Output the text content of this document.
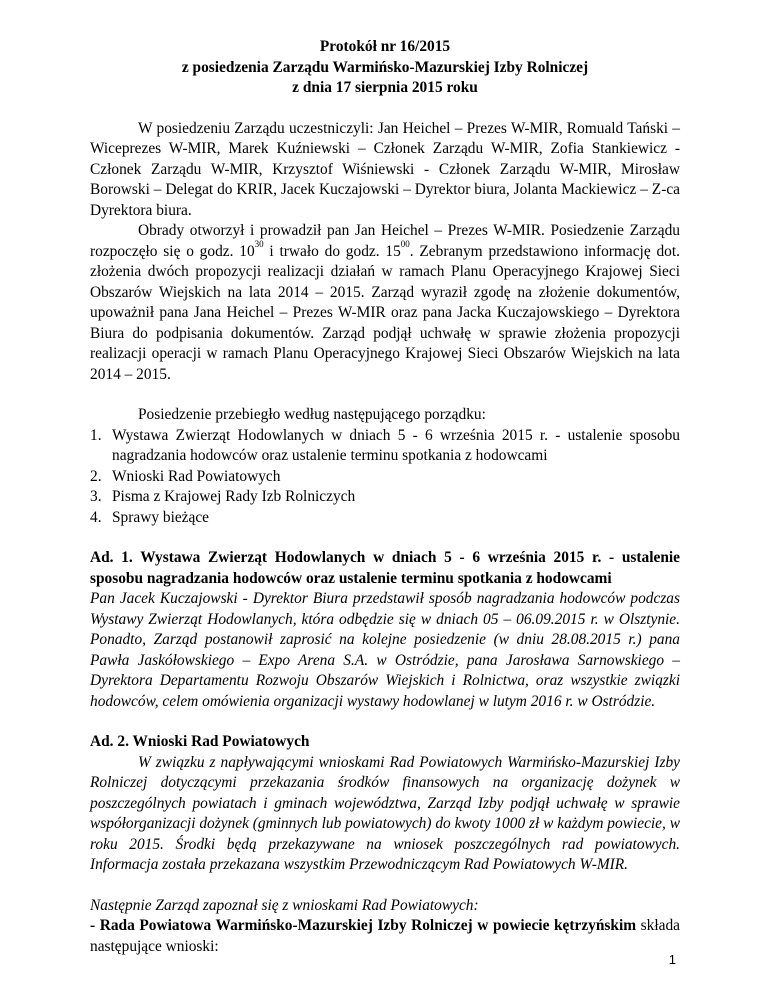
Protokół nr 16/2015
z posiedzenia Zarządu Warmińsko-Mazurskiej Izby Rolniczej
z dnia 17 sierpnia 2015 roku

W posiedzeniu Zarządu uczestniczyli: Jan Heichel – Prezes W-MIR, Romuald Tański – Wiceprezes W-MIR, Marek Kuźniewski – Członek Zarządu W-MIR, Zofia Stankiewicz - Członek Zarządu W-MIR, Krzysztof Wiśniewski - Członek Zarządu W-MIR, Mirosław Borowski – Delegat do KRIR, Jacek Kuczajowski – Dyrektor biura, Jolanta Mackiewicz – Z-ca Dyrektora biura.

Obrady otworzył i prowadził pan Jan Heichel – Prezes W-MIR. Posiedzenie Zarządu rozpoczęło się o godz. $10^{30}$ i trwało do godz. $15^{00}$. Zebranym przedstawiono informację dot. złożenia dwóch propozycji realizacji działań w ramach Planu Operacyjnego Krajowej Sieci Obszarów Wiejskich na lata 2014 – 2015. Zarząd wyraził zgodę na złożenie dokumentów, upoważnił pana Jana Heichel – Prezes W-MIR oraz pana Jacka Kuczajowskiego – Dyrektora Biura do podpisania dokumentów. Zarząd podjął uchwałę w sprawie złożenia propozycji realizacji operacji w ramach Planu Operacyjnego Krajowej Sieci Obszarów Wiejskich na lata 2014 – 2015.

Posiedzenie przebiegło według następującego porządku:

1. Wystawa Zwierząt Hodowlanych w dniach 5 - 6 września 2015 r. - ustalenie sposobu nagradzania hodowców oraz ustalenie terminu spotkania z hodowcami
2. Wnioski Rad Powiatowych
3. Pisma z Krajowej Rady Izb Rolniczych
4. Sprawy bieżące

Ad. 1. Wystawa Zwierząt Hodowlanych w dniach 5 - 6 września 2015 r. - ustalenie sposobu nagradzania hodowców oraz ustalenie terminu spotkania z hodowcami

Pan Jacek Kuczajowski - Dyrektor Biura przedstawił sposób nagradzania hodowców podczas Wystawy Zwierząt Hodowlanych, która odbędzie się w dniach 05 – 06.09.2015 r. w Olsztynie. Ponadto, Zarząd postanowił zaprosić na kolejne posiedzenie (w dniu 28.08.2015 r.) pana Pawła Jaskółowskiego – Expo Arena S.A. w Ostródzie, pana Jarosława Sarnowskiego – Dyrektora Departamentu Rozwoju Obszarów Wiejskich i Rolnictwa, oraz wszystkie związki hodowców, celem omówienia organizacji wystawy hodowlanej w lutym 2016 r. w Ostródzie.

Ad. 2. Wnioski Rad Powiatowych

W związku z napływającymi wnioskami Rad Powiatowych Warmińsko-Mazurskiej Izby Rolniczej dotyczącymi przekazania środków finansowych na organizację dożynek w poszczególnych powiatach i gminach województwa, Zarząd Izby podjął uchwałę w sprawie współorganizacji dożynek (gminnych lub powiatowych) do kwoty 1000 zł w każdym powiecie, w roku 2015. Środki będą przekazywane na wniosek poszczególnych rad powiatowych. Informacja została przekazana wszystkim Przewodniczącym Rad Powiatowych W-MIR.

Następnie Zarząd zapoznał się z wnioskami Rad Powiatowych:

- Rada Powiatowa Warmińsko-Mazurskiej Izby Rolniczej w powiecie kętrzyńskim składa następujące wnioski:

1
